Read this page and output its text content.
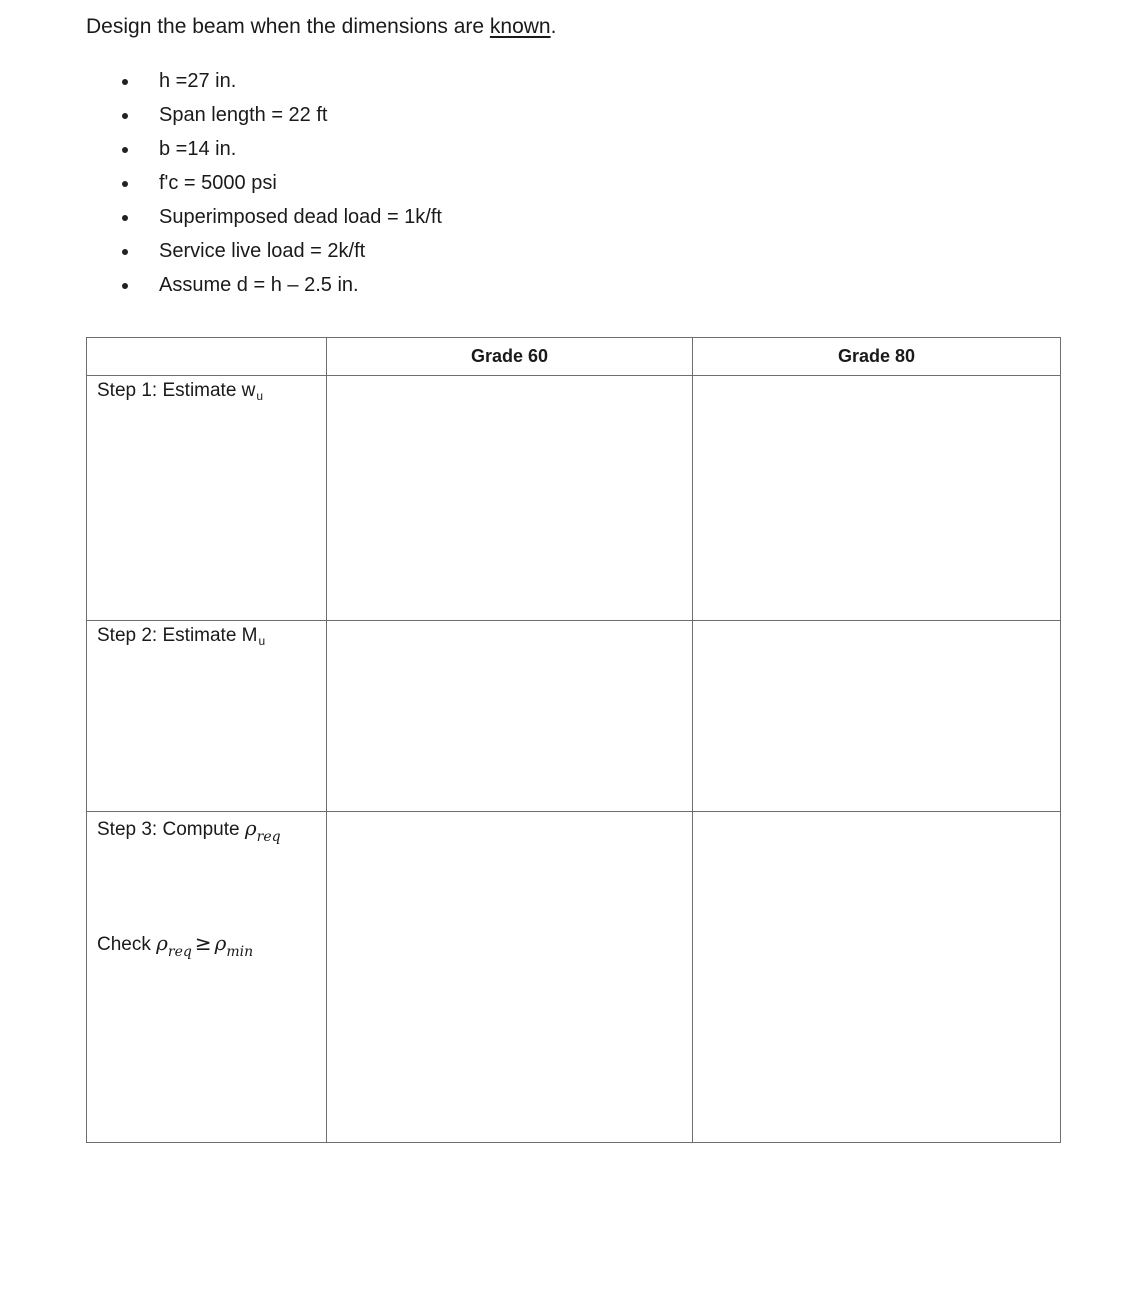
Design the beam when the dimensions are known.
h =27 in.
Span length = 22 ft
b =14 in.
f'c = 5000 psi
Superimposed dead load = 1k/ft
Service live load = 2k/ft
Assume d = h – 2.5 in.
	Grade 60	Grade 80
Step 1: Estimate $w_u$		
Step 2: Estimate $M_u$		
Step 3: Compute $\rho_{req}$
Check $\rho_{req} \ge \rho_{min}$
